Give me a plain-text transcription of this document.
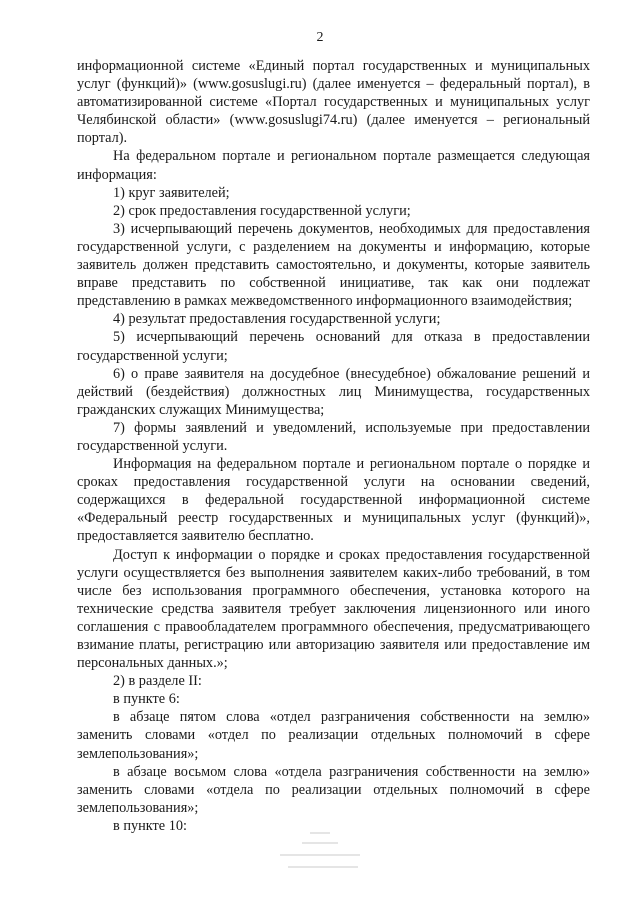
2

информационной системе «Единый портал государственных и муниципальных услуг (функций)» (www.gosuslugi.ru) (далее именуется – федеральный портал), в автоматизированной системе «Портал государственных и муниципальных услуг Челябинской области» (www.gosuslugi74.ru) (далее именуется – региональный портал).

На федеральном портале и региональном портале размещается следующая информация:

1) круг заявителей;

2) срок предоставления государственной услуги;

3) исчерпывающий перечень документов, необходимых для предоставления государственной услуги, с разделением на документы и информацию, которые заявитель должен представить самостоятельно, и документы, которые заявитель вправе представить по собственной инициативе, так как они подлежат представлению в рамках межведомственного информационного взаимодействия;

4) результат предоставления государственной услуги;

5) исчерпывающий перечень оснований для отказа в предоставлении государственной услуги;

6) о праве заявителя на досудебное (внесудебное) обжалование решений и действий (бездействия) должностных лиц Минимущества, государственных гражданских служащих Минимущества;

7) формы заявлений и уведомлений, используемые при предоставлении государственной услуги.

Информация на федеральном портале и региональном портале о порядке и сроках предоставления государственной услуги на основании сведений, содержащихся в федеральной государственной информационной системе «Федеральный реестр государственных и муниципальных услуг (функций)», предоставляется заявителю бесплатно.

Доступ к информации о порядке и сроках предоставления государственной услуги осуществляется без выполнения заявителем каких-либо требований, в том числе без использования программного обеспечения, установка которого на технические средства заявителя требует заключения лицензионного или иного соглашения с правообладателем программного обеспечения, предусматривающего взимание платы, регистрацию или авторизацию заявителя или предоставление им персональных данных.»;

2) в разделе II:

в пункте 6:

в абзаце пятом слова «отдел разграничения собственности на землю» заменить словами «отдел по реализации отдельных полномочий в сфере землепользования»;

в абзаце восьмом слова «отдела разграничения собственности на землю» заменить словами «отдела по реализации отдельных полномочий в сфере землепользования»;

в пункте 10:
